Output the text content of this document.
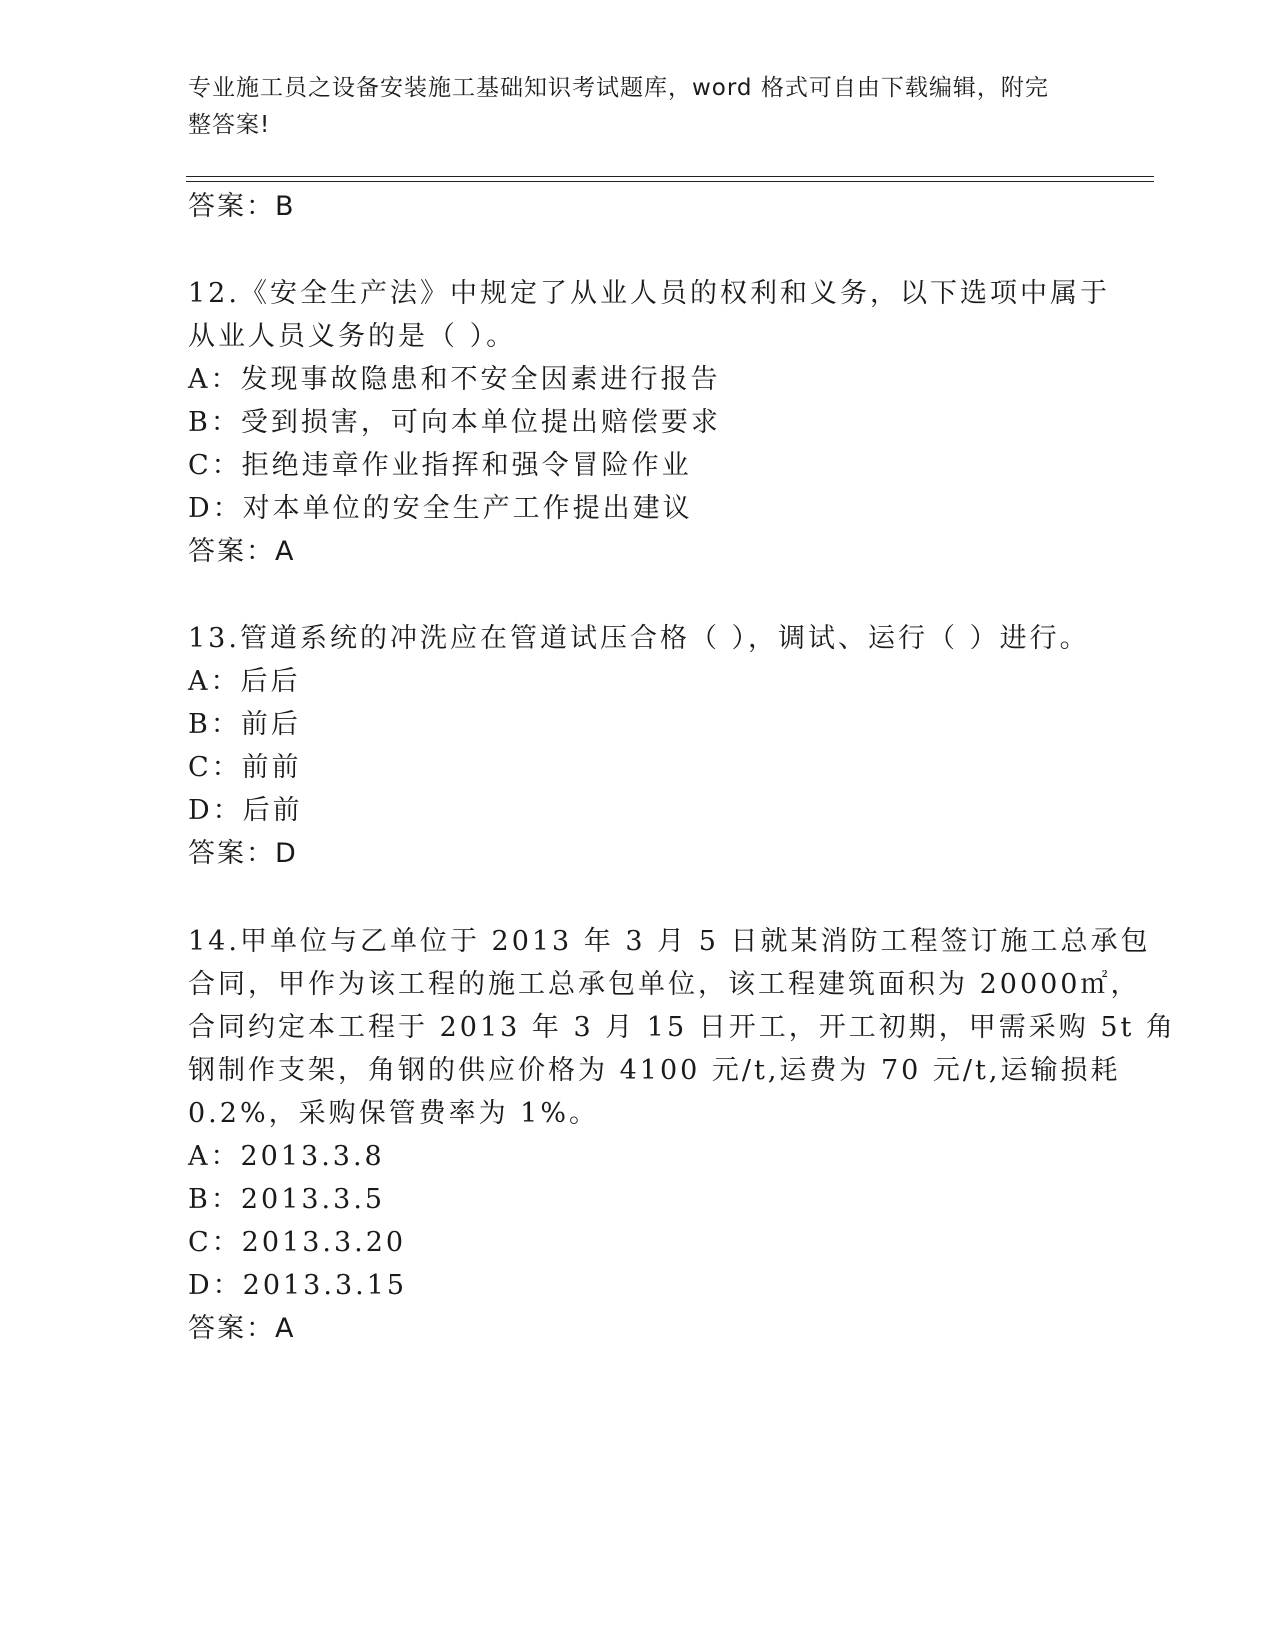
专业施工员之设备安装施工基础知识考试题库，word 格式可自由下载编辑，附完
整答案!
答案：B
12.《安全生产法》中规定了从业人员的权利和义务，以下选项中属于
从业人员义务的是（ ）。
A：发现事故隐患和不安全因素进行报告
B：受到损害，可向本单位提出赔偿要求
C：拒绝违章作业指挥和强令冒险作业
D：对本单位的安全生产工作提出建议
答案：A
13.管道系统的冲洗应在管道试压合格（ ），调试、运行（ ）进行。
A：后后
B：前后
C：前前
D：后前
答案：D
14.甲单位与乙单位于 2013 年 3 月 5 日就某消防工程签订施工总承包
合同，甲作为该工程的施工总承包单位，该工程建筑面积为 20000㎡，
合同约定本工程于 2013 年 3 月 15 日开工，开工初期，甲需采购 5t 角
钢制作支架，角钢的供应价格为 4100 元/t,运费为 70 元/t,运输损耗
0.2%，采购保管费率为 1%。
A：2013.3.8
B：2013.3.5
C：2013.3.20
D：2013.3.15
答案：A
